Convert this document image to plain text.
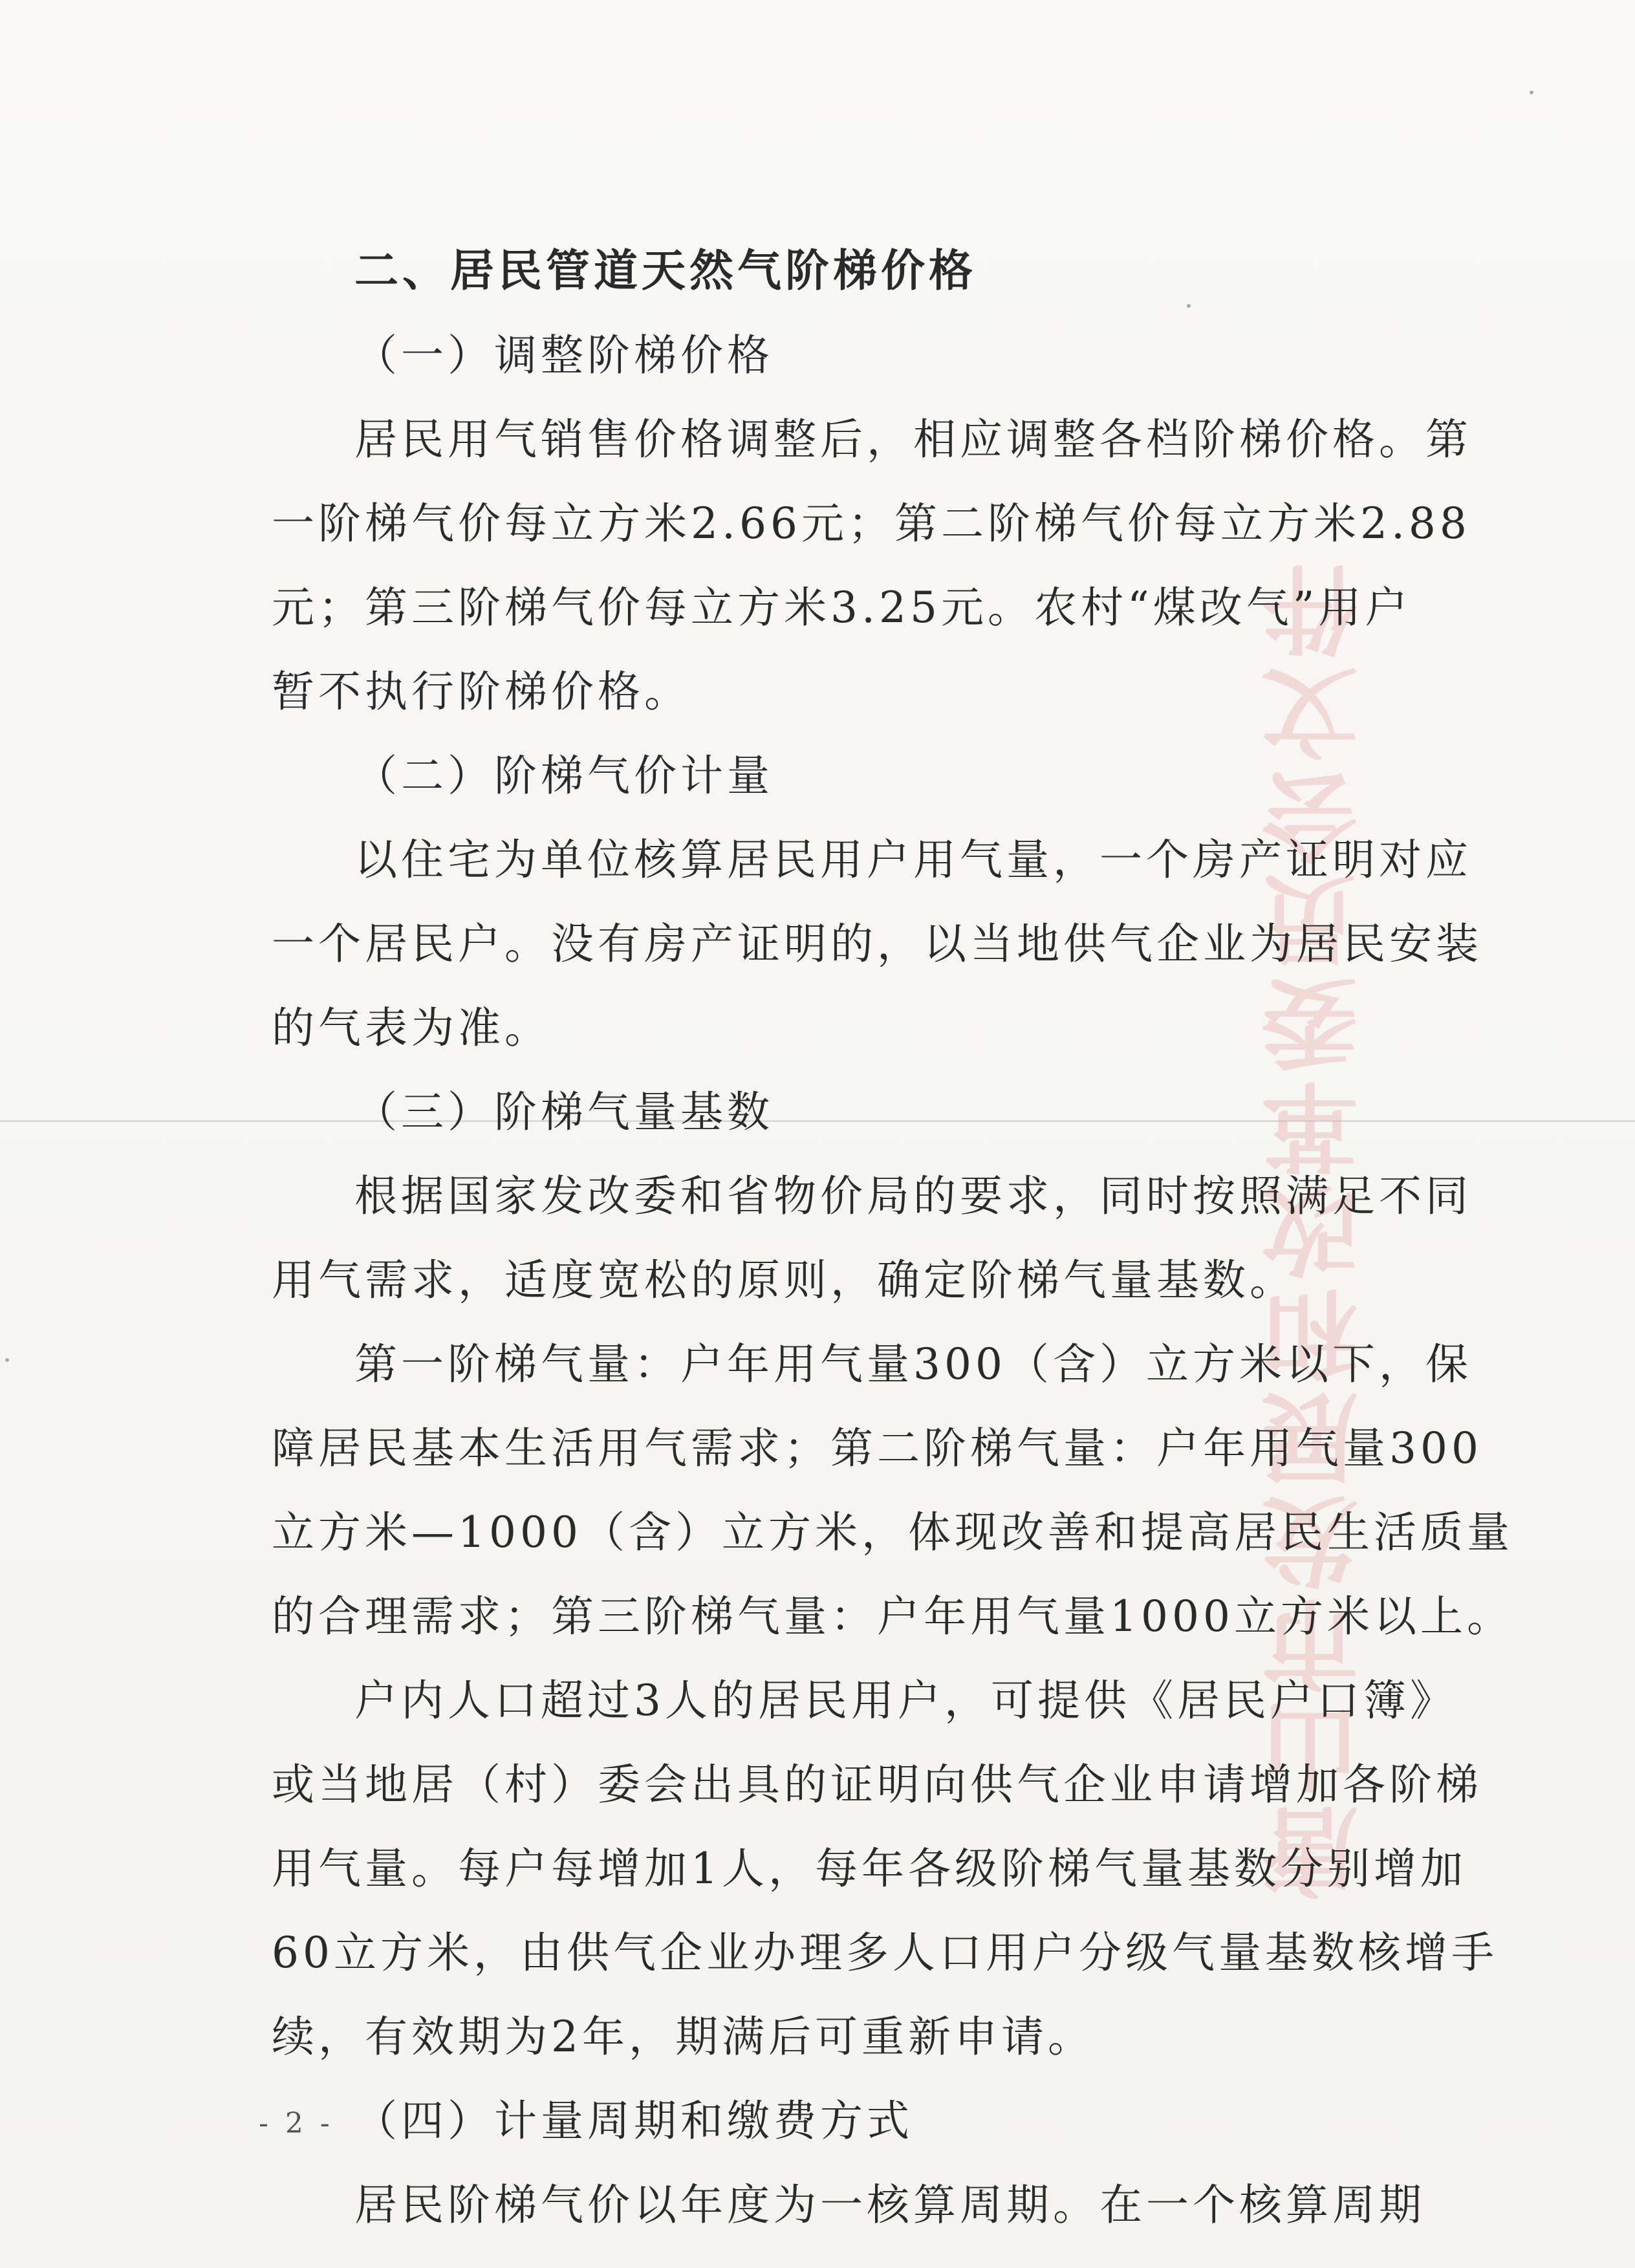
唐山市发展和改革委员会文件
二、居民管道天然气阶梯价格
（一）调整阶梯价格
居民用气销售价格调整后，相应调整各档阶梯价格。第
一阶梯气价每立方米2.66元；第二阶梯气价每立方米2.88
元；第三阶梯气价每立方米3.25元。农村“煤改气”用户
暂不执行阶梯价格。
（二）阶梯气价计量
以住宅为单位核算居民用户用气量，一个房产证明对应
一个居民户。没有房产证明的，以当地供气企业为居民安装
的气表为准。
（三）阶梯气量基数
根据国家发改委和省物价局的要求，同时按照满足不同
用气需求，适度宽松的原则，确定阶梯气量基数。
第一阶梯气量：户年用气量300（含）立方米以下，保
障居民基本生活用气需求；第二阶梯气量：户年用气量300
立方米—1000（含）立方米，体现改善和提高居民生活质量
的合理需求；第三阶梯气量：户年用气量1000立方米以上。
户内人口超过3人的居民用户，可提供《居民户口簿》
或当地居（村）委会出具的证明向供气企业申请增加各阶梯
用气量。每户每增加1人，每年各级阶梯气量基数分别增加
60立方米，由供气企业办理多人口用户分级气量基数核增手
续，有效期为2年，期满后可重新申请。
（四）计量周期和缴费方式
居民阶梯气价以年度为一核算周期。在一个核算周期
- 2 -
